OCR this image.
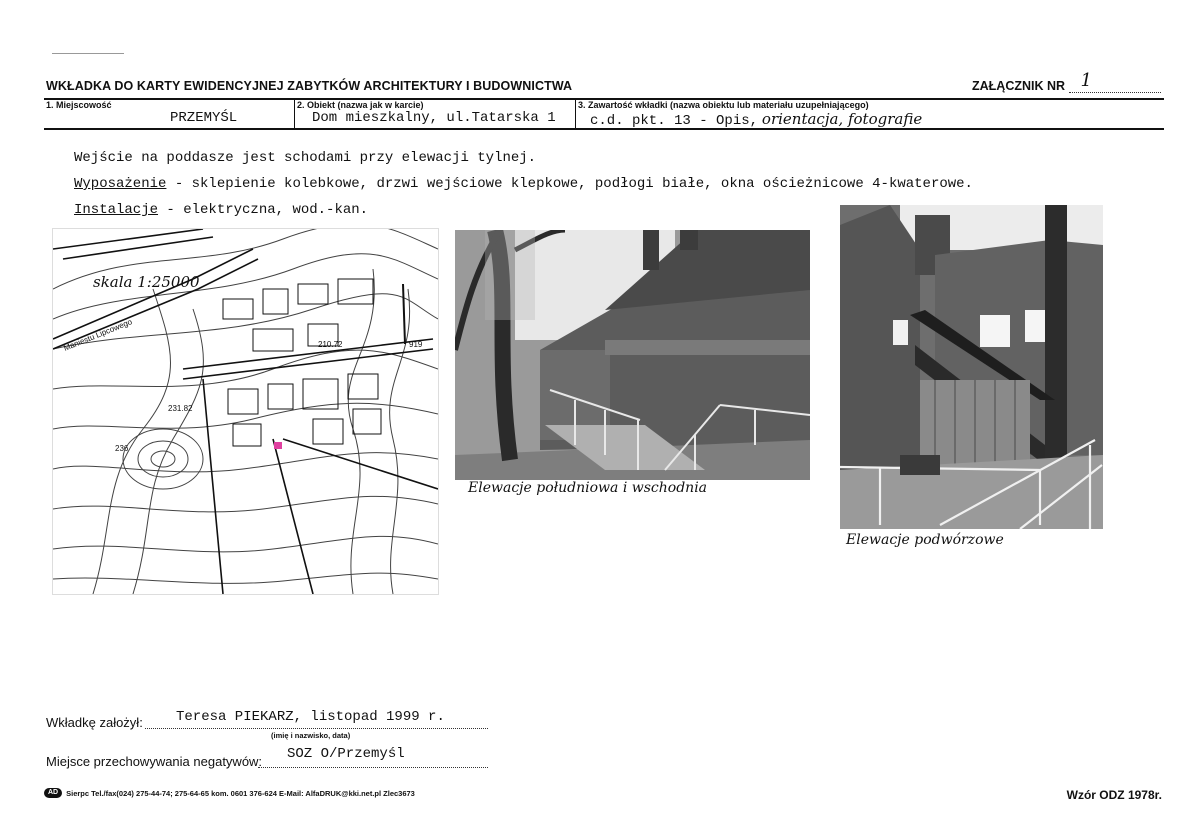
WKŁADKA DO KARTY EWIDENCYJNEJ ZABYTKÓW ARCHITEKTURY I BUDOWNICTWA	ZAŁĄCZNIK NR 1
1. Miejscowość
PRZEMYŚL
2. Obiekt (nazwa jak w karcie)
Dom mieszkalny, ul.Tatarska 1
3. Zawartość wkładki (nazwa obiektu lub materiału uzupełniającego)
c.d. pkt. 13 - Opis, orientacja, fotografie
Wejście na poddasze jest schodami przy elewacji tylnej.
Wyposażenie - sklepienie kolebkowe, drzwi wejściowe klepkowe, podłogi białe, okna ościeżnicowe 4-kwaterowe.
Instalacje - elektryczna, wod.-kan.
skala 1:25000
Maniestu Lipcowego	210.72	919
231.82
236
Elewacje południowa i wschodnia
Elewacje podwórzowe
Wkładkę założył: Teresa PIEKARZ, listopad 1999 r.
(imię i nazwisko, data)
Miejsce przechowywania negatywów: SOZ O/Przemyśl
AD	Sierpc Tel./fax(024) 275-44-74; 275-64-65 kom. 0601 376-624 E-Mail: AlfaDRUK@kki.net.pl Zlec3673	Wzór ODZ 1978r.
